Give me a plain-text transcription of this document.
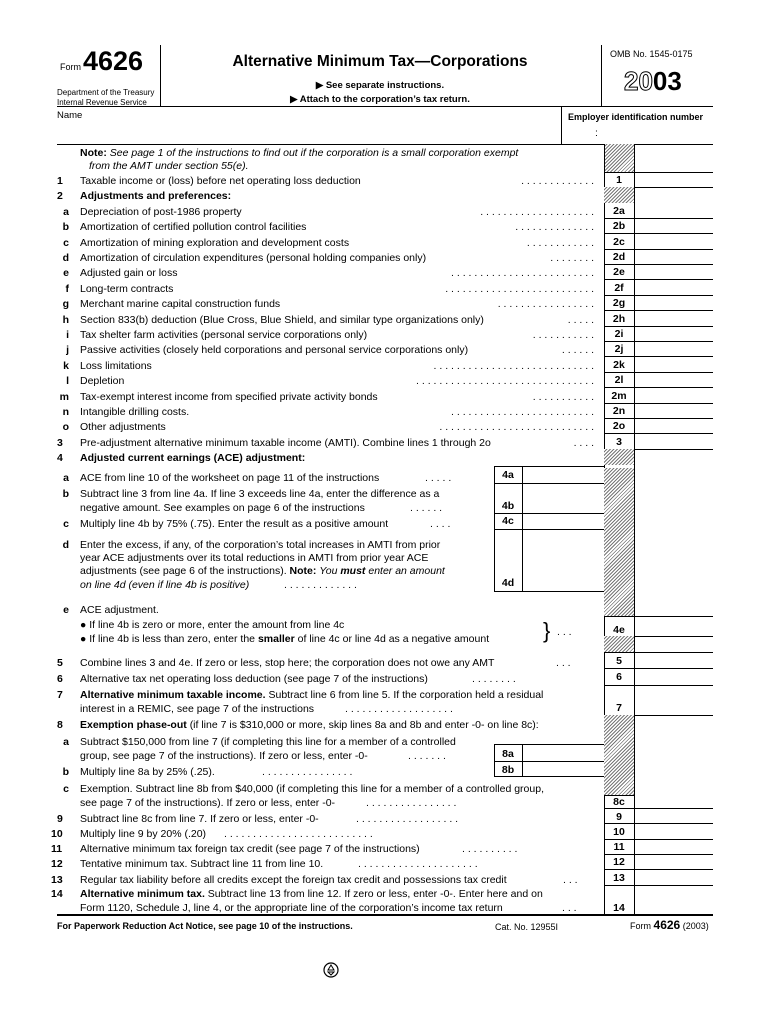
Form 4626
Department of the Treasury
Internal Revenue Service
Alternative Minimum Tax—Corporations
▶ See separate instructions.
▶ Attach to the corporation’s tax return.
OMB No. 1545-0175
2003
Name	Employer identification number
:
Note: See page 1 of the instructions to find out if the corporation is a small corporation exempt
from the AMT under section 55(e).
1 Taxable income or (loss) before net operating loss deduction	. . . . . . . . . . . . .	1
2 Adjustments and preferences:
a Depreciation of post-1986 property	. . . . . . . . . . . . . . . . . . . .	2a
b Amortization of certified pollution control facilities	. . . . . . . . . . . . . .	2b
c Amortization of mining exploration and development costs	. . . . . . . . . . . .	2c
d Amortization of circulation expenditures (personal holding companies only)	. . . . . . . .	2d
e Adjusted gain or loss	. . . . . . . . . . . . . . . . . . . . . . . . .	2e
f Long-term contracts	. . . . . . . . . . . . . . . . . . . . . . . . . .	2f
g Merchant marine capital construction funds	. . . . . . . . . . . . . . . . .	2g
h Section 833(b) deduction (Blue Cross, Blue Shield, and similar type organizations only)	. . . . .	2h
i Tax shelter farm activities (personal service corporations only)	. . . . . . . . . . .	2i
j Passive activities (closely held corporations and personal service corporations only)	. . . . . .	2j
k Loss limitations	. . . . . . . . . . . . . . . . . . . . . . . . . . . .	2k
l Depletion	. . . . . . . . . . . . . . . . . . . . . . . . . . . . . . .	2l
m Tax-exempt interest income from specified private activity bonds	. . . . . . . . . . .	2m
n Intangible drilling costs.	. . . . . . . . . . . . . . . . . . . . . . . . .	2n
o Other adjustments	. . . . . . . . . . . . . . . . . . . . . . . . . . .	2o
3 Pre-adjustment alternative minimum taxable income (AMTI). Combine lines 1 through 2o	. . . .	3
4 Adjusted current earnings (ACE) adjustment:
a ACE from line 10 of the worksheet on page 11 of the instructions	. . . . .	4a
b Subtract line 3 from line 4a. If line 3 exceeds line 4a, enter the difference as a
negative amount. See examples on page 6 of the instructions	. . . . . .	4b
c Multiply line 4b by 75% (.75). Enter the result as a positive amount	. . . .	4c
d Enter the excess, if any, of the corporation’s total increases in AMTI from prior
year ACE adjustments over its total reductions in AMTI from prior year ACE
adjustments (see page 6 of the instructions). Note: You must enter an amount
on line 4d (even if line 4b is positive)	. . . . . . . . . . . . .	4d
e ACE adjustment.
● If line 4b is zero or more, enter the amount from line 4c
● If line 4b is less than zero, enter the smaller of line 4c or line 4d as a negative amount } . . .	4e
5 Combine lines 3 and 4e. If zero or less, stop here; the corporation does not owe any AMT	. . .	5
6 Alternative tax net operating loss deduction (see page 7 of the instructions)	. . . . . . . .	6
7 Alternative minimum taxable income. Subtract line 6 from line 5. If the corporation held a residual
interest in a REMIC, see page 7 of the instructions	. . . . . . . . . . . . . . . . . . .	7
8 Exemption phase-out (if line 7 is $310,000 or more, skip lines 8a and 8b and enter -0- on line 8c):
a Subtract $150,000 from line 7 (if completing this line for a member of a controlled
group, see page 7 of the instructions). If zero or less, enter -0-	. . . . . . .	8a
b Multiply line 8a by 25% (.25).	. . . . . . . . . . . . . . . .	8b
c Exemption. Subtract line 8b from $40,000 (if completing this line for a member of a controlled group,
see page 7 of the instructions). If zero or less, enter -0-	. . . . . . . . . . . . . . . .	8c
9 Subtract line 8c from line 7. If zero or less, enter -0-	. . . . . . . . . . . . . . . . . .	9
10 Multiply line 9 by 20% (.20) . . . . . . . . . . . . . . . . . . . . . . . . . .	10
11 Alternative minimum tax foreign tax credit (see page 7 of the instructions)	. . . . . . . . . .	11
12 Tentative minimum tax. Subtract line 11 from line 10.	. . . . . . . . . . . . . . . . . . . . .	12
13 Regular tax liability before all credits except the foreign tax credit and possessions tax credit	. . .	13
14 Alternative minimum tax. Subtract line 13 from line 12. If zero or less, enter -0-. Enter here and on
Form 1120, Schedule J, line 4, or the appropriate line of the corporation’s income tax return	. . .	14
For Paperwork Reduction Act Notice, see page 10 of the instructions.	Cat. No. 12955I	Form 4626 (2003)
